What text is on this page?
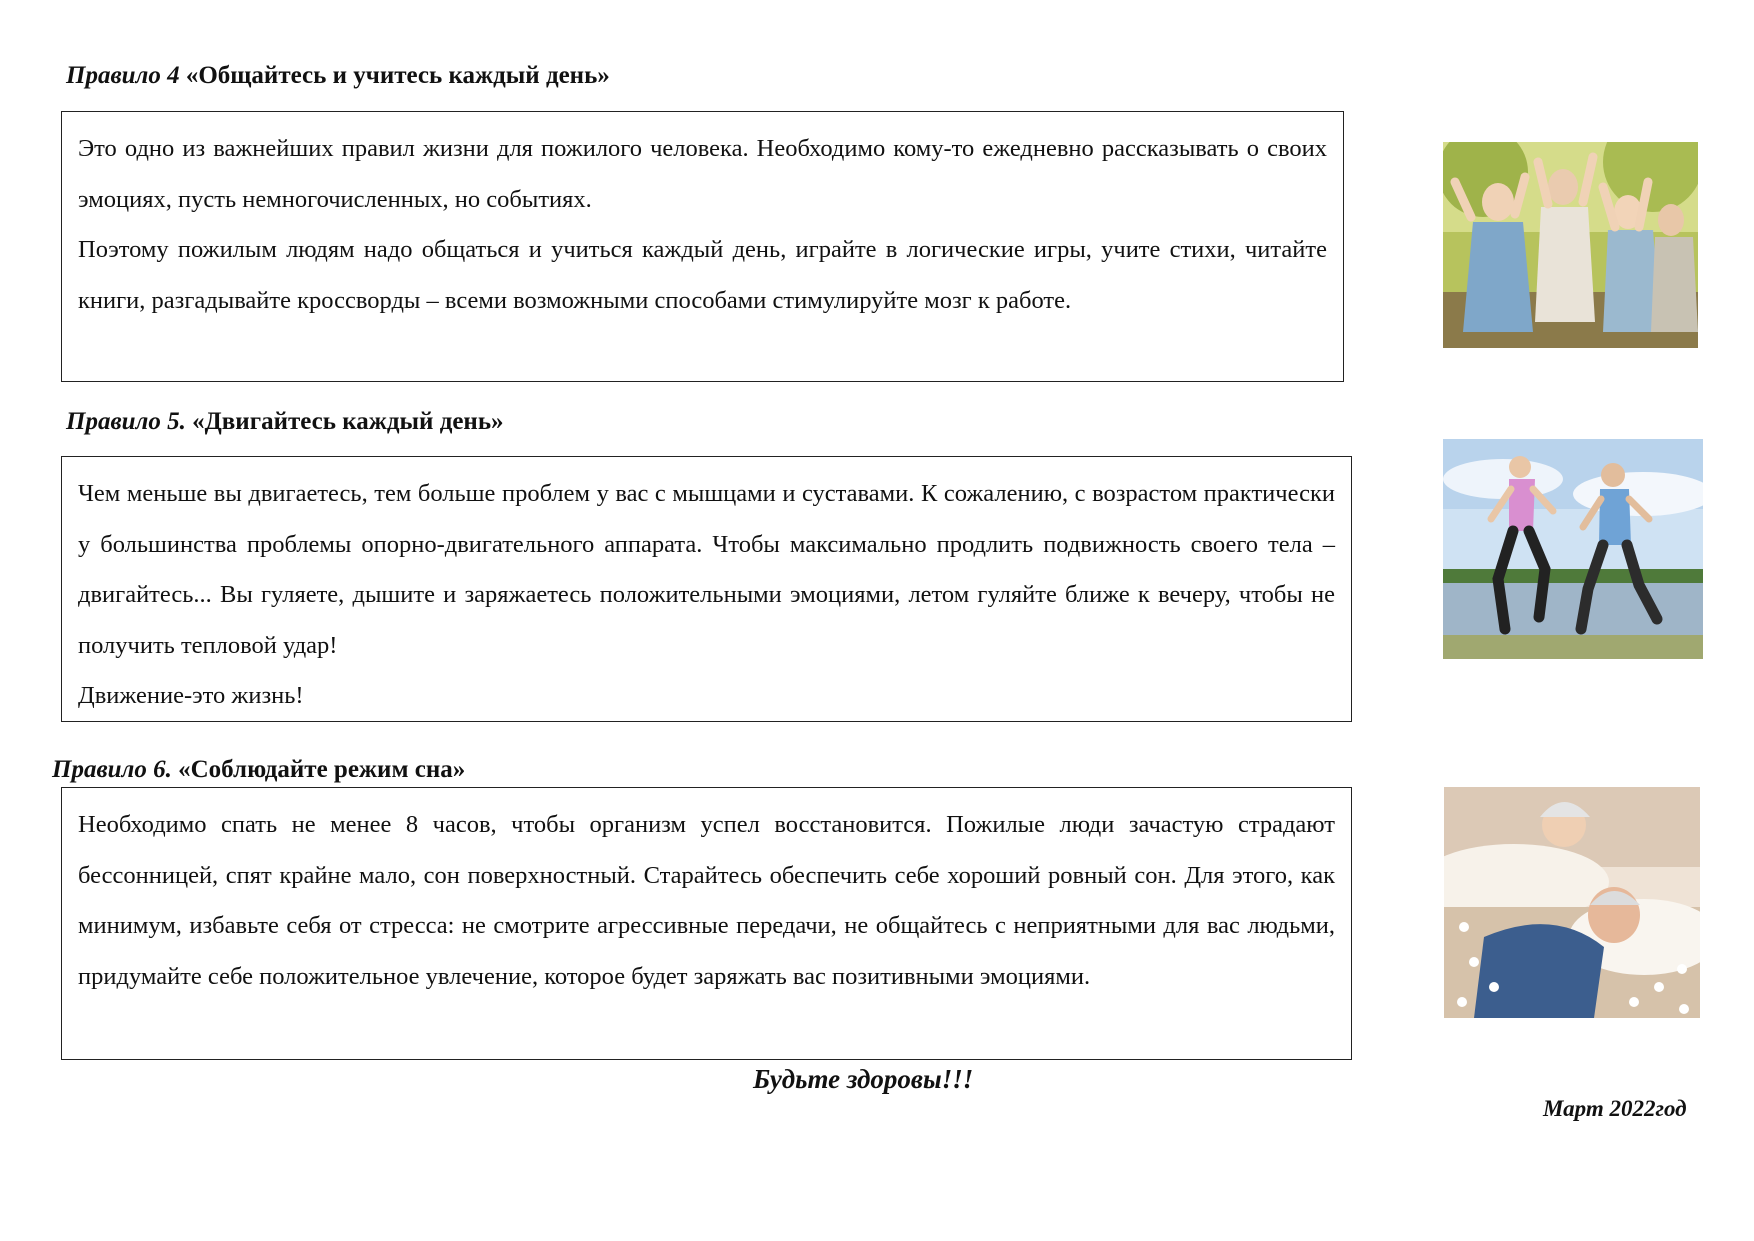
Правило 4 «Общайтесь и учитесь каждый день»

Это одно из важнейших правил жизни для пожилого человека. Необходимо кому-то ежедневно рассказывать о своих эмоциях, пусть немногочисленных, но событиях.

Поэтому пожилым людям надо общаться и учиться каждый день, играйте в логические игры, учите стихи, читайте книги, разгадывайте кроссворды – всеми возможными способами стимулируйте мозг к работе.

Правило 5. «Двигайтесь каждый день»

Чем меньше вы двигаетесь, тем больше проблем у вас с мышцами и суставами. К сожалению, с возрастом практически у большинства проблемы опорно-двигательного аппарата. Чтобы максимально продлить подвижность своего тела – двигайтесь... Вы гуляете, дышите и заряжаетесь положительными эмоциями, летом гуляйте ближе к вечеру, чтобы не получить тепловой удар!

Движение-это жизнь!

Правило 6. «Соблюдайте режим сна»

Необходимо спать не менее 8 часов, чтобы организм успел восстановится. Пожилые люди зачастую страдают бессонницей, спят крайне мало, сон поверхностный. Старайтесь обеспечить себе хороший ровный сон. Для этого, как минимум, избавьте себя от стресса: не смотрите агрессивные передачи, не общайтесь с неприятными для вас людьми, придумайте себе положительное увлечение, которое будет заряжать вас позитивными эмоциями.

Будьте здоровы!!!
Март 2022год
